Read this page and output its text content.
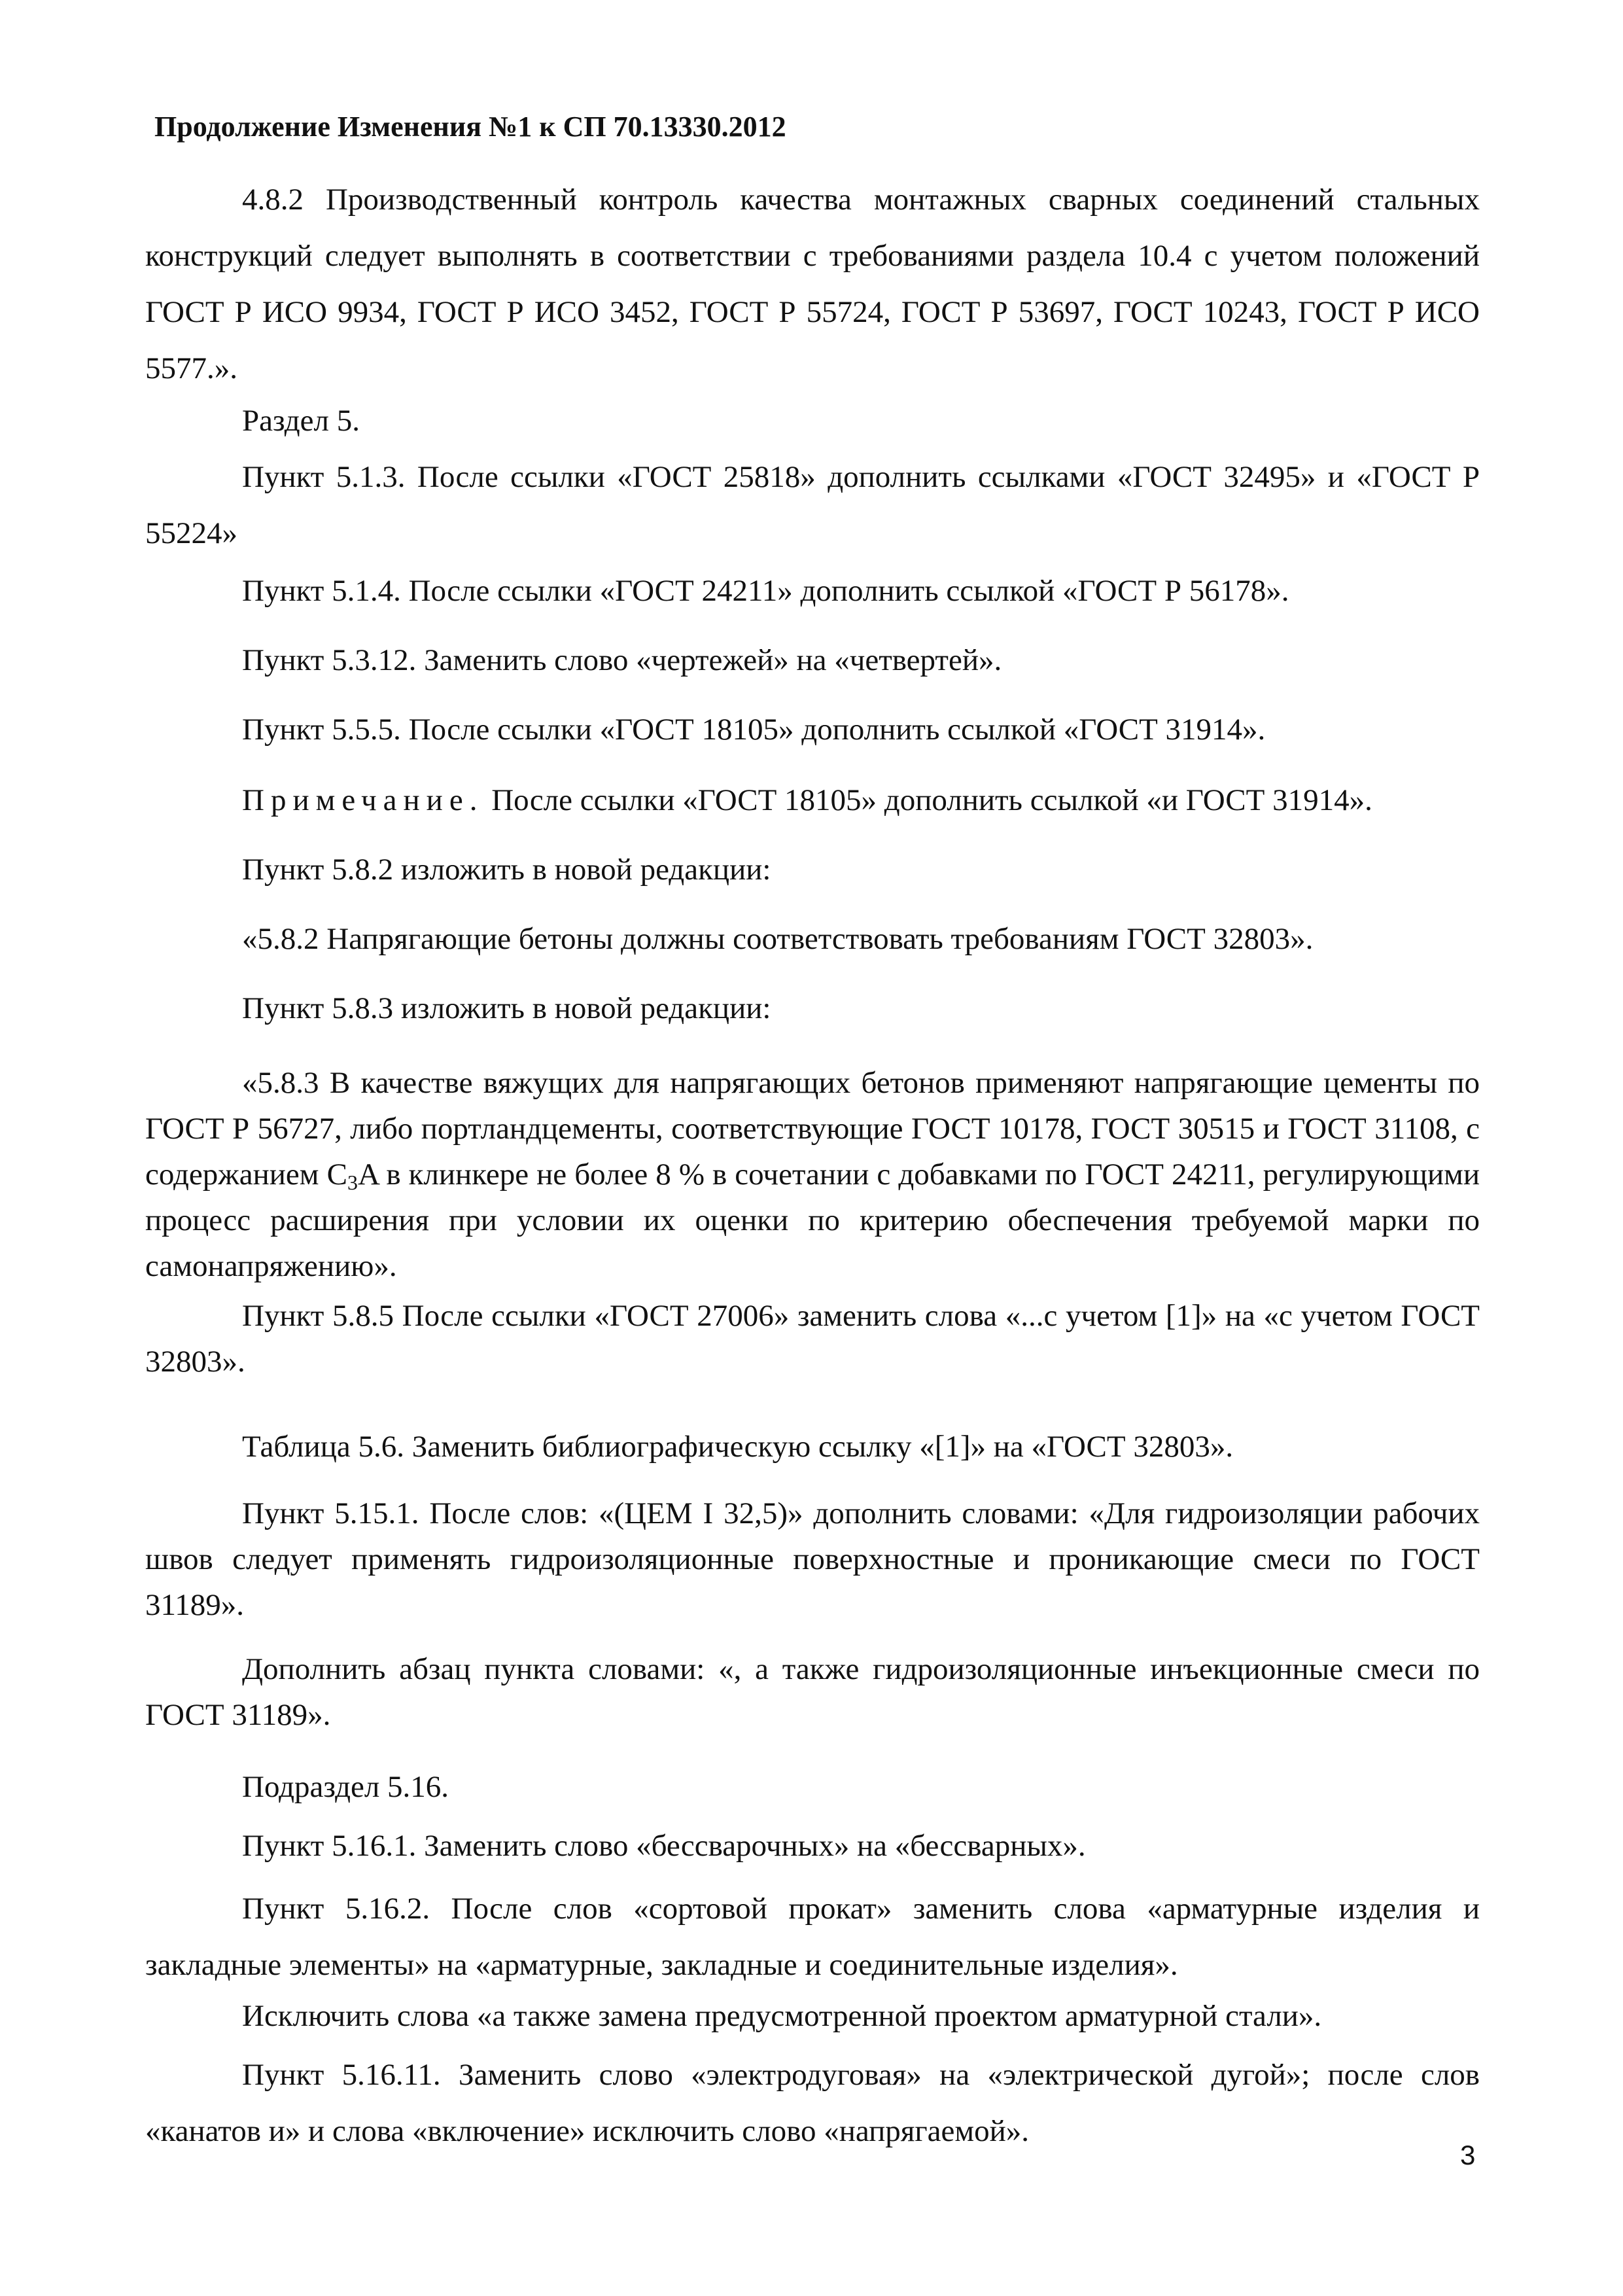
Продолжение Изменения №1 к СП 70.13330.2012

4.8.2 Производственный контроль качества монтажных сварных соединений стальных конструкций следует выполнять в соответствии с требованиями раздела 10.4 с учетом положений ГОСТ Р ИСО 9934, ГОСТ Р ИСО 3452, ГОСТ Р 55724, ГОСТ Р 53697, ГОСТ 10243, ГОСТ Р ИСО 5577.».

Раздел 5.

Пункт 5.1.3. После ссылки «ГОСТ 25818» дополнить ссылками «ГОСТ 32495» и «ГОСТ Р 55224»

Пункт 5.1.4. После ссылки «ГОСТ 24211» дополнить ссылкой «ГОСТ Р 56178».

Пункт 5.3.12. Заменить слово «чертежей» на «четвертей».

Пункт 5.5.5. После ссылки «ГОСТ 18105» дополнить ссылкой «ГОСТ 31914».

Примечание. После ссылки «ГОСТ 18105» дополнить ссылкой «и ГОСТ 31914».

Пункт 5.8.2 изложить в новой редакции:

«5.8.2 Напрягающие бетоны должны соответствовать требованиям ГОСТ 32803».

Пункт 5.8.3 изложить в новой редакции:

«5.8.3 В качестве вяжущих для напрягающих бетонов применяют напрягающие цементы по ГОСТ Р 56727, либо портландцементы, соответствующие ГОСТ 10178, ГОСТ 30515 и ГОСТ 31108, с содержанием $C_3A$ в клинкере не более 8 % в сочетании с добавками по ГОСТ 24211, регулирующими процесс расширения при условии их оценки по критерию обеспечения требуемой марки по самонапряжению».

Пункт 5.8.5 После ссылки «ГОСТ 27006» заменить слова «...с учетом [1]» на «с учетом ГОСТ 32803».

Таблица 5.6. Заменить библиографическую ссылку «[1]» на «ГОСТ 32803».

Пункт 5.15.1. После слов: «(ЦЕМ I 32,5)» дополнить словами: «Для гидроизоляции рабочих швов следует применять гидроизоляционные поверхностные и проникающие смеси по ГОСТ 31189».

Дополнить абзац пункта словами: «, а также гидроизоляционные инъекционные смеси по ГОСТ 31189».

Подраздел 5.16.

Пункт 5.16.1. Заменить слово «бессварочных» на «бессварных».

Пункт 5.16.2. После слов «сортовой прокат» заменить слова «арматурные изделия и закладные элементы» на «арматурные, закладные и соединительные изделия».

Исключить слова «а также замена предусмотренной проектом арматурной стали».

Пункт 5.16.11. Заменить слово «электродуговая» на «электрической дугой»; после слов «канатов и» и слова «включение» исключить слово «напрягаемой».

3
